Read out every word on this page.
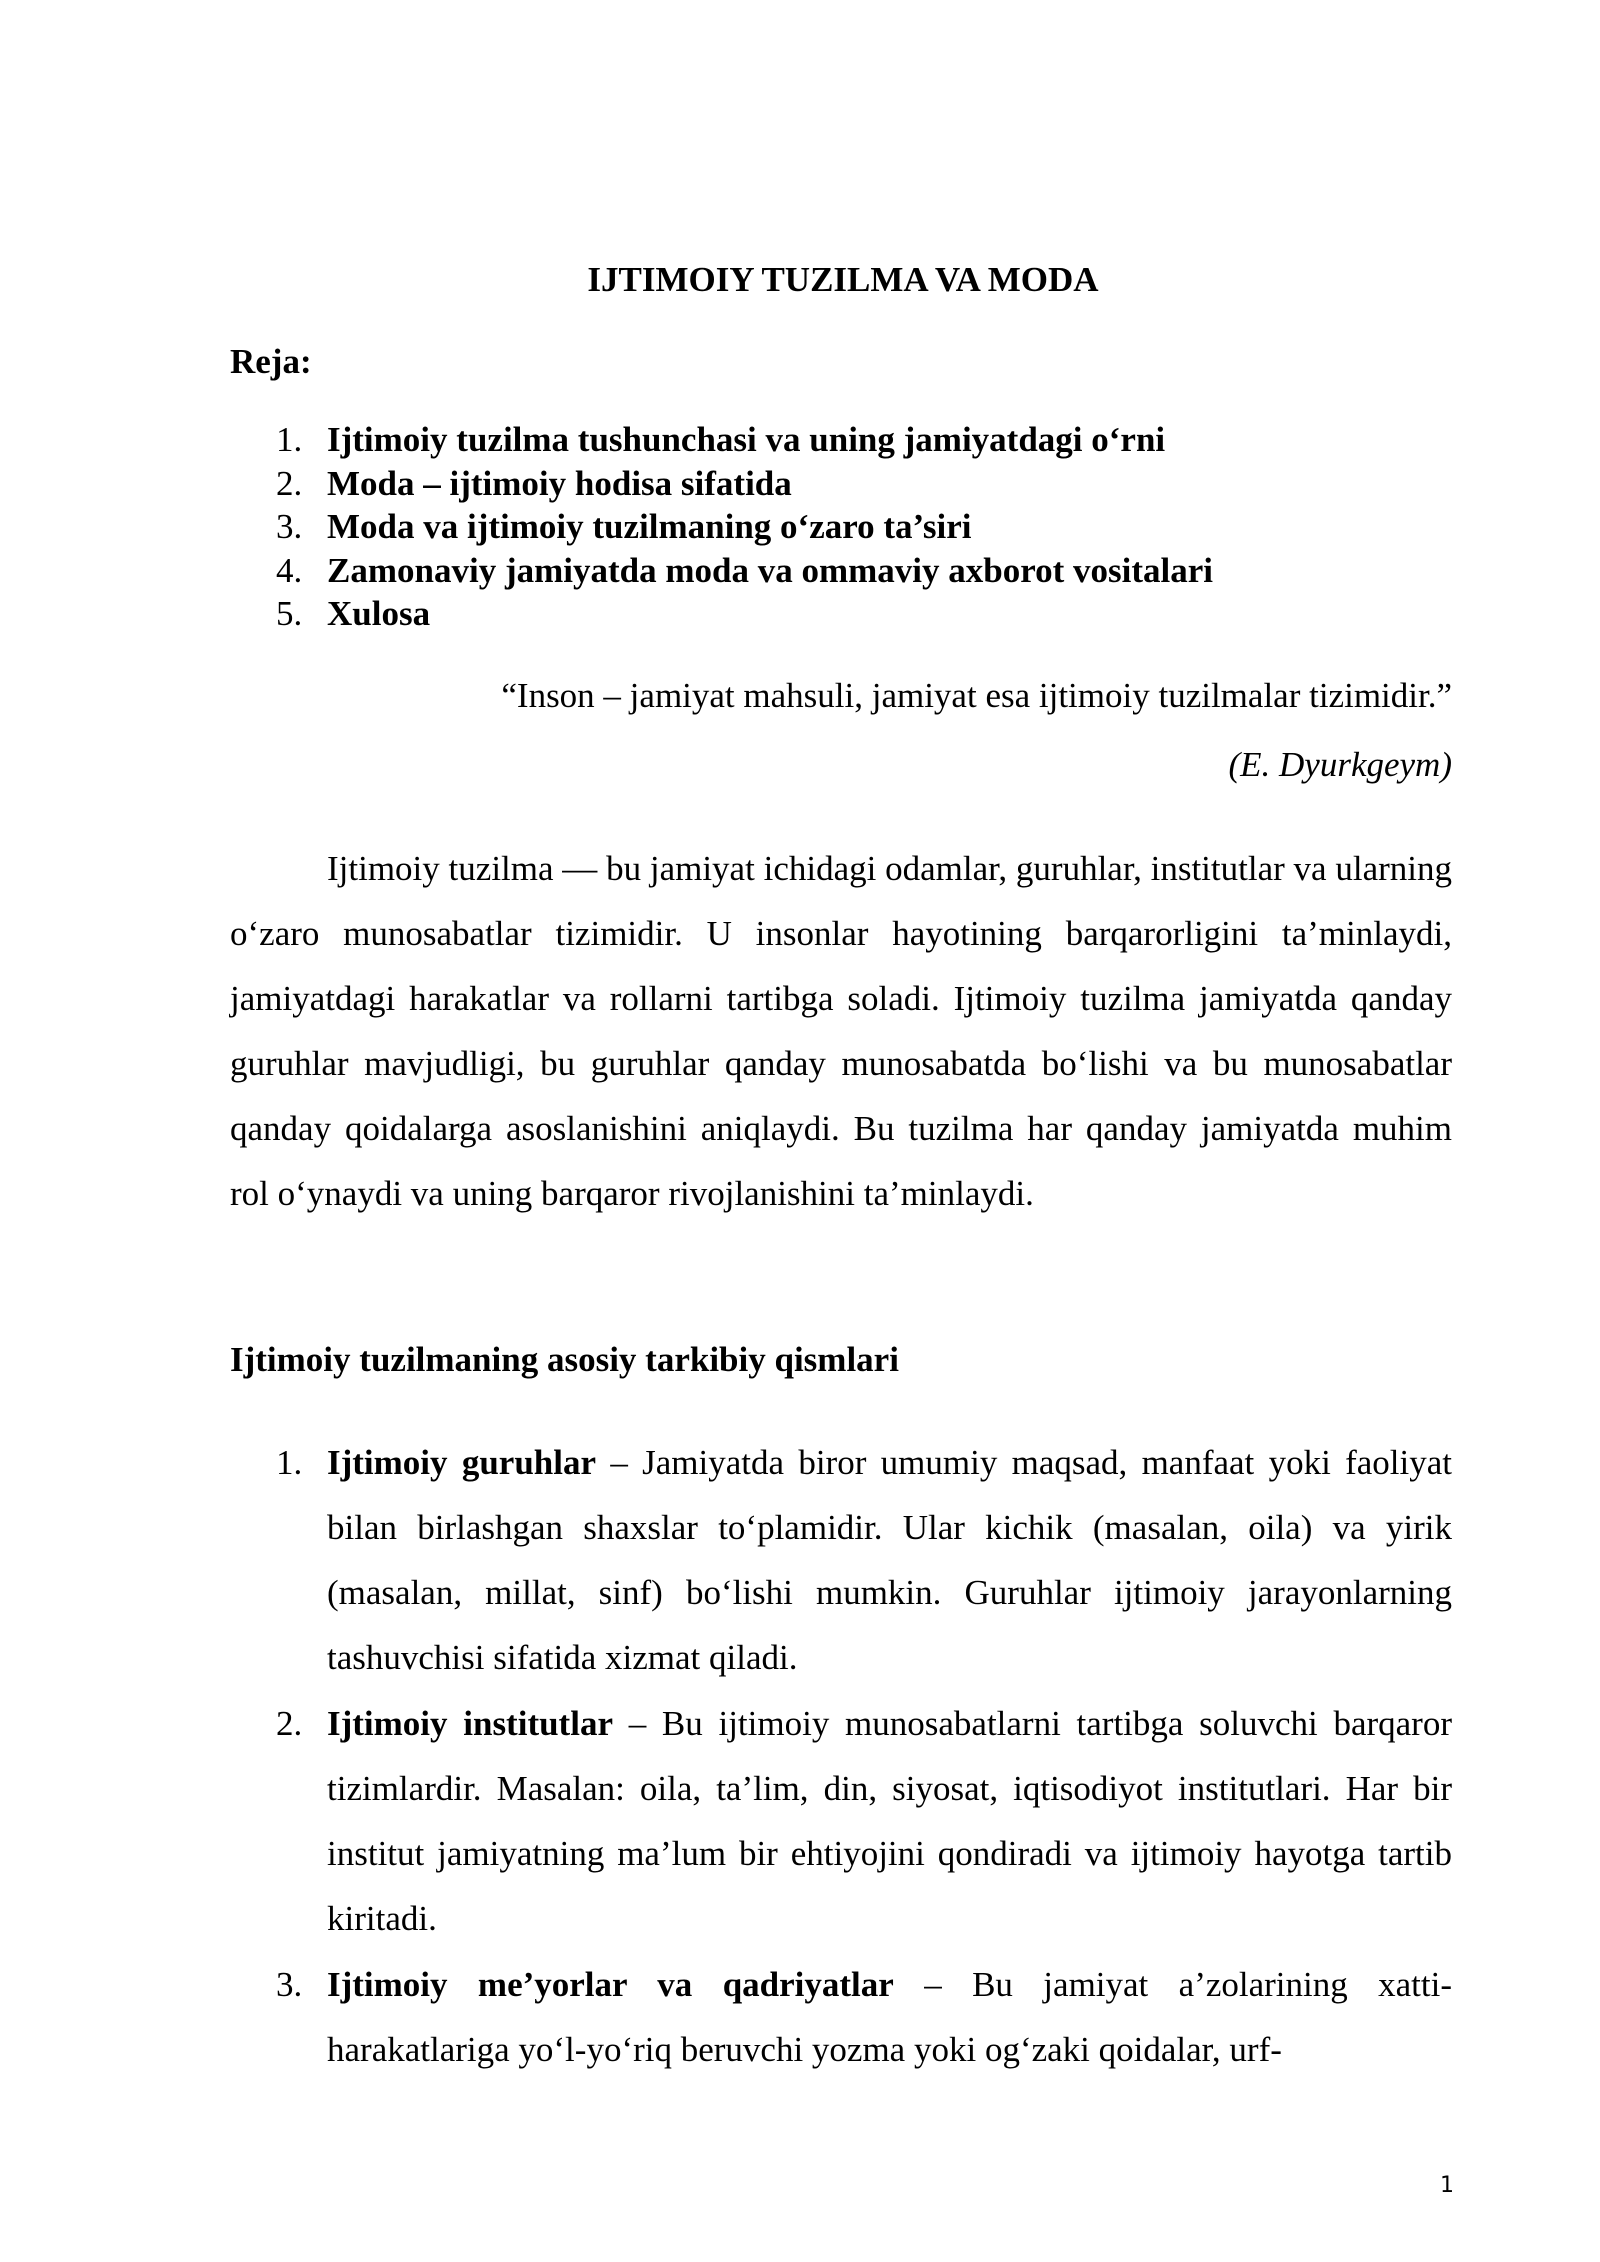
IJTIMOIY TUZILMA VA MODA

Reja:

1. Ijtimoiy tuzilma tushunchasi va uning jamiyatdagi o‘rni
2. Moda – ijtimoiy hodisa sifatida
3. Moda va ijtimoiy tuzilmaning o‘zaro ta’siri
4. Zamonaviy jamiyatda moda va ommaviy axborot vositalari
5. Xulosa

“Inson – jamiyat mahsuli, jamiyat esa ijtimoiy tuzilmalar tizimidir.”

(E. Dyurkgeym)

Ijtimoiy tuzilma — bu jamiyat ichidagi odamlar, guruhlar, institutlar va ularning o‘zaro munosabatlar tizimidir. U insonlar hayotining barqarorligini ta’minlaydi, jamiyatdagi harakatlar va rollarni tartibga soladi. Ijtimoiy tuzilma jamiyatda qanday guruhlar mavjudligi, bu guruhlar qanday munosabatda bo‘lishi va bu munosabatlar qanday qoidalarga asoslanishini aniqlaydi. Bu tuzilma har qanday jamiyatda muhim rol o‘ynaydi va uning barqaror rivojlanishini ta’minlaydi.

Ijtimoiy tuzilmaning asosiy tarkibiy qismlari
1. Ijtimoiy guruhlar – Jamiyatda biror umumiy maqsad, manfaat yoki faoliyat bilan birlashgan shaxslar to‘plamidir. Ular kichik (masalan, oila) va yirik (masalan, millat, sinf) bo‘lishi mumkin. Guruhlar ijtimoiy jarayonlarning tashuvchisi sifatida xizmat qiladi.
2. Ijtimoiy institutlar – Bu ijtimoiy munosabatlarni tartibga soluvchi barqaror tizimlardir. Masalan: oila, ta’lim, din, siyosat, iqtisodiyot institutlari. Har bir institut jamiyatning ma’lum bir ehtiyojini qondiradi va ijtimoiy hayotga tartib kiritadi.
3. Ijtimoiy me’yorlar va qadriyatlar – Bu jamiyat a’zolarining xatti-harakatlariga yo‘l-yo‘riq beruvchi yozma yoki og‘zaki qoidalar, urf-
1
